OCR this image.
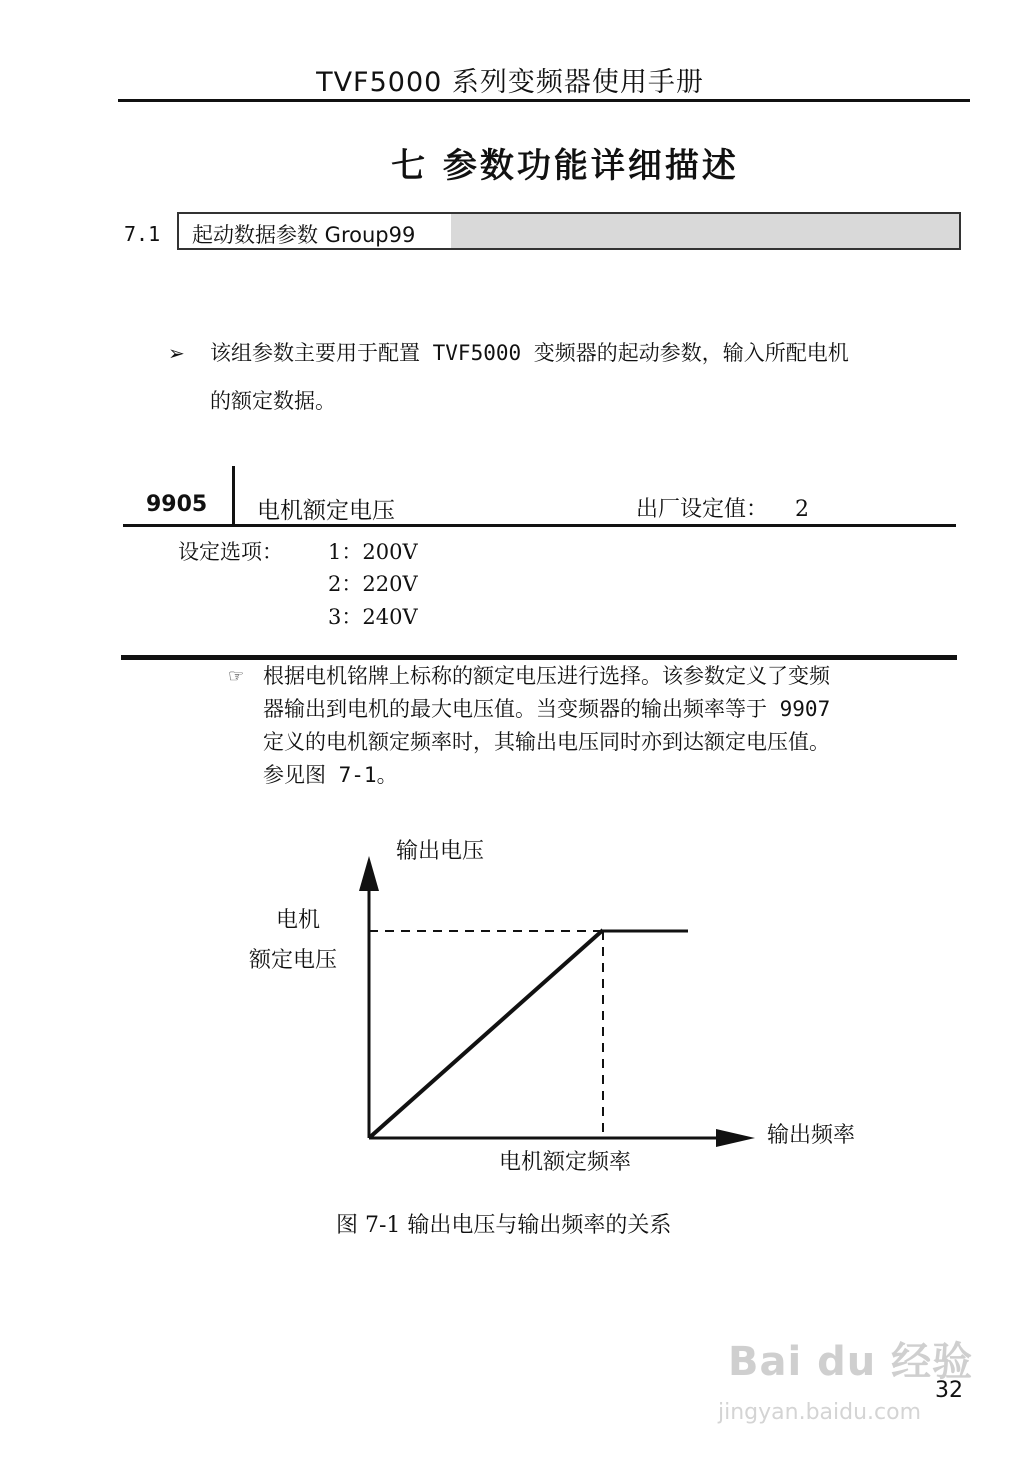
TVF5000 系列变频器使用手册
七 参数功能详细描述
7.1 起动数据参数 Group99
➢ 该组参数主要用于配置 TVF5000 变频器的起动参数，输入所配电机
的额定数据。
9905 电机额定电压	出厂设定值： 2
设定选项： 1：200V
2：220V
3：240V
☞ 根据电机铭牌上标称的额定电压进行选择。该参数定义了变频
器输出到电机的最大电压值。当变频器的输出频率等于 9907
定义的电机额定频率时，其输出电压同时亦到达额定电压值。
参见图 7-1。
输出电压
电机
额定电压
输出频率
电机额定频率
图 7-1 输出电压与输出频率的关系
Bai du 经验
jingyan.baidu.com
32
